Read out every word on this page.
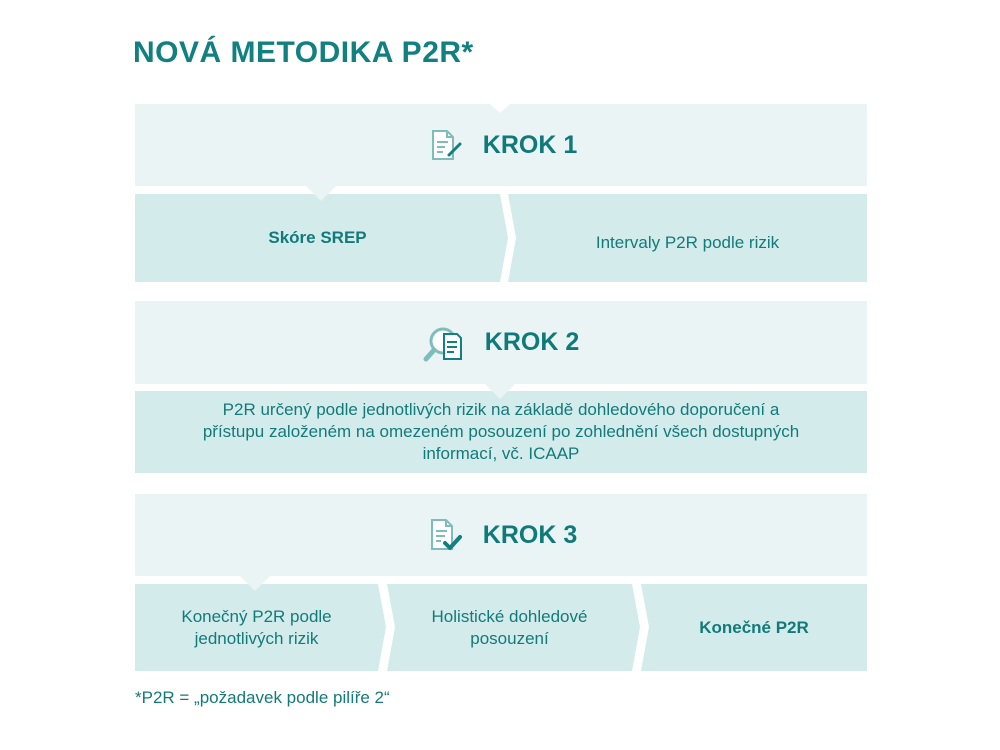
NOVÁ METODIKA P2R*
KROK 1
Skóre SREP	Intervaly P2R podle rizik
KROK 2
P2R určený podle jednotlivých rizik na základě dohledového doporučení a přístupu založeném na omezeném posouzení po zohlednění všech dostupných informací, vč. ICAAP
KROK 3
Konečný P2R podle jednotlivých rizik
Holistické dohledové posouzení
Konečné P2R
*P2R = „požadavek podle pilíře 2“
